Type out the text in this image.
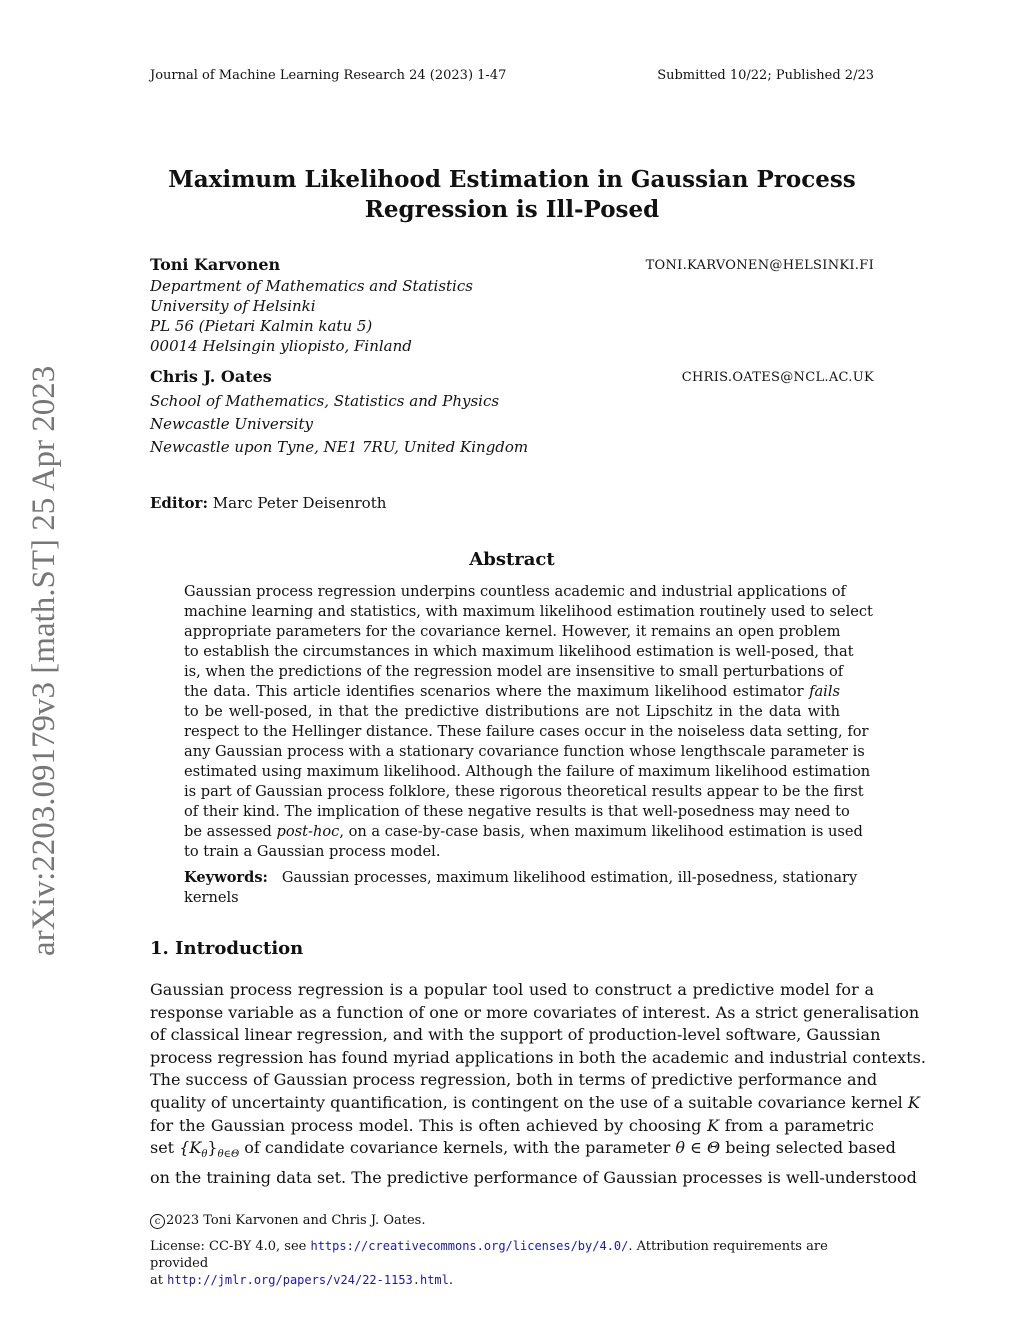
Journal of Machine Learning Research 24 (2023) 1-47	Submitted 10/22; Published 2/23
arXiv:2203.09179v3 [math.ST] 25 Apr 2023
Maximum Likelihood Estimation in Gaussian Process
Regression is Ill-Posed
Toni Karvonen	TONI.KARVONEN@HELSINKI.FI
Department of Mathematics and Statistics
University of Helsinki
PL 56 (Pietari Kalmin katu 5)
00014 Helsingin yliopisto, Finland
Chris J. Oates	CHRIS.OATES@NCL.AC.UK
School of Mathematics, Statistics and Physics
Newcastle University
Newcastle upon Tyne, NE1 7RU, United Kingdom
Editor: Marc Peter Deisenroth
Abstract
Gaussian process regression underpins countless academic and industrial applications of
machine learning and statistics, with maximum likelihood estimation routinely used to select
appropriate parameters for the covariance kernel. However, it remains an open problem
to establish the circumstances in which maximum likelihood estimation is well-posed, that
is, when the predictions of the regression model are insensitive to small perturbations of
the data. This article identifies scenarios where the maximum likelihood estimator fails
to be well-posed, in that the predictive distributions are not Lipschitz in the data with
respect to the Hellinger distance. These failure cases occur in the noiseless data setting, for
any Gaussian process with a stationary covariance function whose lengthscale parameter is
estimated using maximum likelihood. Although the failure of maximum likelihood estimation
is part of Gaussian process folklore, these rigorous theoretical results appear to be the first
of their kind. The implication of these negative results is that well-posedness may need to
be assessed post-hoc, on a case-by-case basis, when maximum likelihood estimation is used
to train a Gaussian process model.
Keywords: Gaussian processes, maximum likelihood estimation, ill-posedness, stationary
kernels
1. Introduction
Gaussian process regression is a popular tool used to construct a predictive model for a
response variable as a function of one or more covariates of interest. As a strict generalisation
of classical linear regression, and with the support of production-level software, Gaussian
process regression has found myriad applications in both the academic and industrial contexts.
The success of Gaussian process regression, both in terms of predictive performance and
quality of uncertainty quantification, is contingent on the use of a suitable covariance kernel K
for the Gaussian process model. This is often achieved by choosing K from a parametric
set $\{K_\theta\}_{\theta\in\Theta}$ of candidate covariance kernels, with the parameter θ ∈ Θ being selected based
on the training data set. The predictive performance of Gaussian processes is well-understood
c 2023 Toni Karvonen and Chris J. Oates.
License: CC-BY 4.0, see https://creativecommons.org/licenses/by/4.0/. Attribution requirements are provided
at http://jmlr.org/papers/v24/22-1153.html.
